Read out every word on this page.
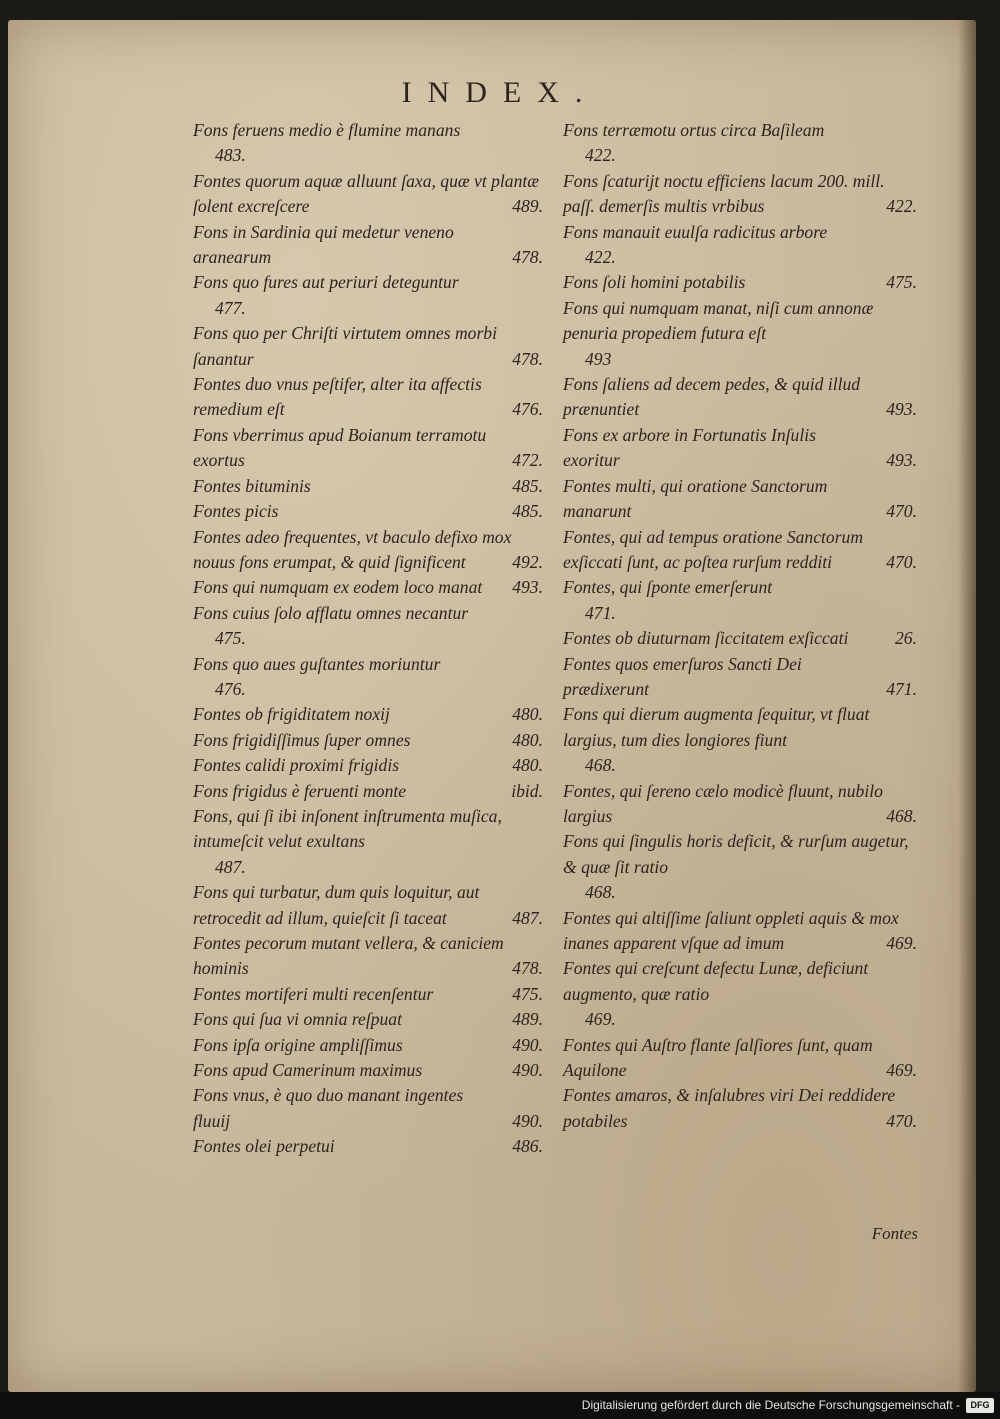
INDEX.
Fons feruens medio è flumine manans
483.
Fontes quorum aquæ alluunt ſaxa, quæ vt plantæ ſolent excreſcere	489.
Fons in Sardinia qui medetur veneno aranearum	478.
Fons quo fures aut periuri deteguntur
477.
Fons quo per Chriſti virtutem omnes morbi ſanantur	478.
Fontes duo vnus peſtifer, alter ita affectis remedium eſt	476.
Fons vberrimus apud Boianum terramotu exortus	472.
Fontes bituminis	485.
Fontes picis	485.
Fontes adeo frequentes, vt baculo defixo mox nouus fons erumpat, & quid ſignificent	492.
Fons qui numquam ex eodem loco manat 493.
Fons cuius ſolo afflatu omnes necantur
475.
Fons quo aues guſtantes moriuntur
476.
Fontes ob frigiditatem noxij	480.
Fons frigidiſſimus ſuper omnes	480.
Fontes calidi proximi frigidis	480.
Fons frigidus è feruenti monte	ibid.
Fons, qui ſi ibi inſonent inſtrumenta muſica, intumeſcit velut exultans
487.
Fons qui turbatur, dum quis loquitur, aut retrocedit ad illum, quieſcit ſi taceat	487.
Fontes pecorum mutant vellera, & caniciem hominis	478.
Fontes mortiferi multi recenſentur	475.
Fons qui ſua vi omnia reſpuat	489.
Fons ipſa origine ampliſſimus	490.
Fons apud Camerinum maximus	490.
Fons vnus, è quo duo manant ingentes fluuij	490.
Fontes olei perpetui	486.
Fons terræmotu ortus circa Baſileam
422.
Fons ſcaturijt noctu efficiens lacum 200. mill. paſſ. demerſis multis vrbibus	422.
Fons manauit euulſa radicitus arbore
422.
Fons ſoli homini potabilis	475.
Fons qui numquam manat, niſi cum annonæ penuria propediem futura eſt
493
Fons ſaliens ad decem pedes, & quid illud prænuntiet	493.
Fons ex arbore in Fortunatis Inſulis exoritur	493.
Fontes multi, qui oratione Sanctorum manarunt	470.
Fontes, qui ad tempus oratione Sanctorum exſiccati ſunt, ac poſtea rurſum redditi	470.
Fontes, qui ſponte emerſerunt
471.
Fontes ob diuturnam ſiccitatem exſiccati	26.
Fontes quos emerſuros Sancti Dei prædixerunt	471.
Fons qui dierum augmenta ſequitur, vt fluat largius, tum dies longiores fiunt
468.
Fontes, qui ſereno cælo modicè fluunt, nubilo largius	468.
Fons qui ſingulis horis deficit, & rurſum augetur, & quæ ſit ratio
468.
Fontes qui altiſſime ſaliunt oppleti aquis & mox inanes apparent vſque ad imum	469.
Fontes qui creſcunt defectu Lunæ, deficiunt augmento, quæ ratio
469.
Fontes qui Auſtro flante ſalſiores ſunt, quam Aquilone	469.
Fontes amaros, & inſalubres viri Dei reddidere potabiles	470.
Fontes
Digitalisierung gefördert durch die Deutsche Forschungsgemeinschaft -	DFG
